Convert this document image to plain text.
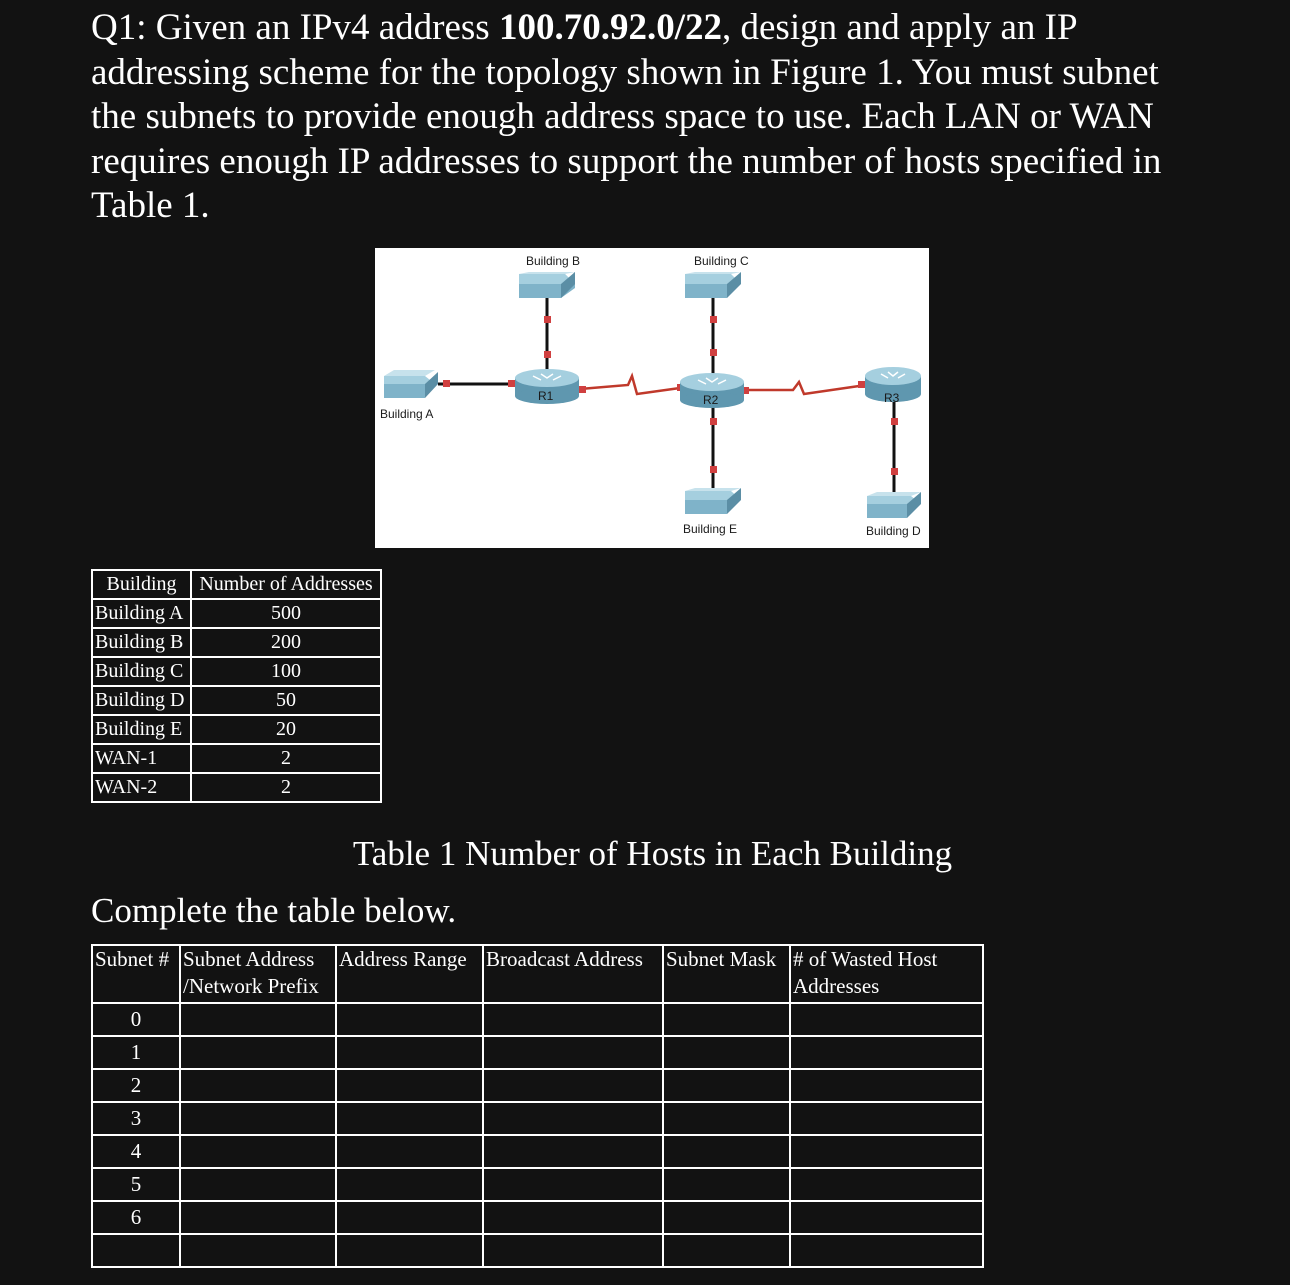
Q1: Given an IPv4 address 100.70.92.0/22, design and apply an IP addressing scheme for the topology shown in Figure 1. You must subnet the subnets to provide enough address space to use. Each LAN or WAN requires enough IP addresses to support the number of hosts specified in Table 1.

Building B	Building C
Building A
Building E	Building D
R1	R2	R3
Building	Number of Addresses
Building A	500
Building B	200
Building C	100
Building D	50
Building E	20
WAN-1	2
WAN-2	2
Table 1 Number of Hosts in Each Building
Complete the table below.
Subnet #	Subnet Address /Network Prefix	Address Range	Broadcast Address	Subnet Mask	# of Wasted Host Addresses
0					
1					
2					
3					
4					
5					
6					
